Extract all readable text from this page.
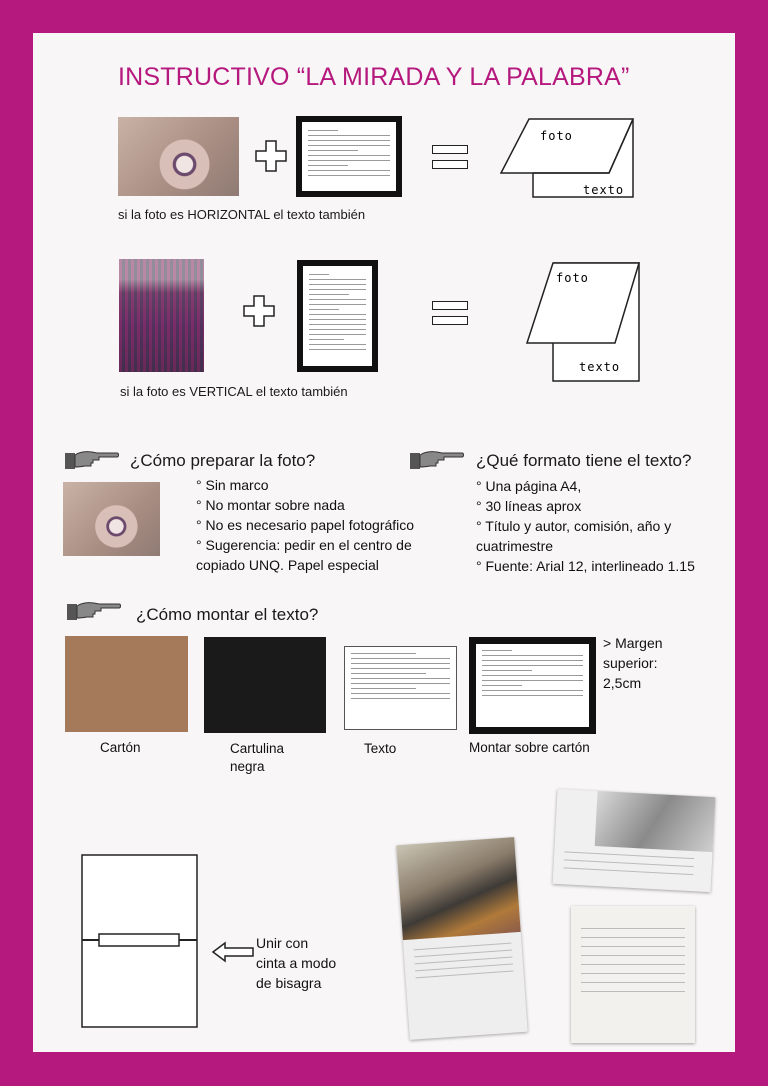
INSTRUCTIVO “LA MIRADA Y LA PALABRA”
foto
texto
si la foto es HORIZONTAL el texto también
foto
texto
si la foto es VERTICAL el texto también
¿Cómo preparar la foto?
° Sin marco
° No montar sobre nada
° No es necesario papel fotográfico
° Sugerencia: pedir en el centro de
copiado UNQ. Papel especial
¿Qué formato tiene el texto?
° Una página A4,
° 30 líneas aprox
° Título y autor, comisión, año y
cuatrimestre
° Fuente: Arial 12, interlineado 1.15
¿Cómo montar el texto?
> Margen
superior:
2,5cm
Cartón	Cartulina
negra
Texto	Montar sobre cartón
Unir con
cinta a modo
de bisagra
